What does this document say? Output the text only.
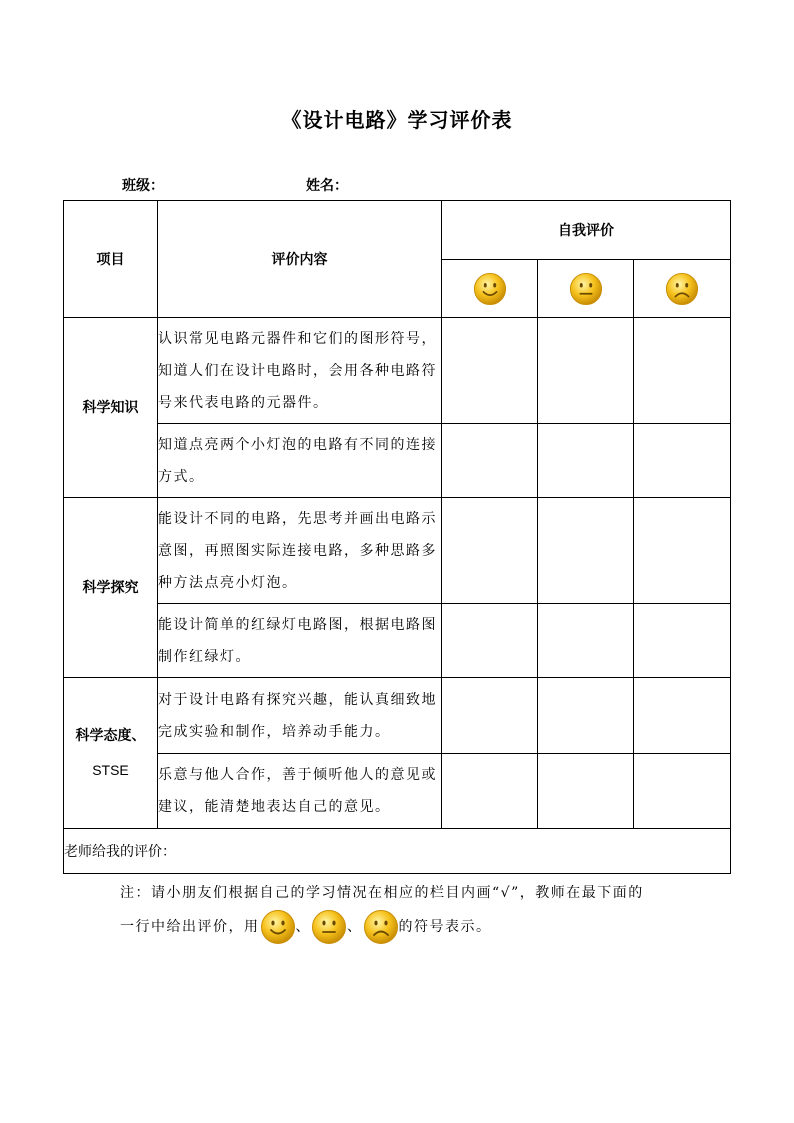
《设计电路》学习评价表
班级：	姓名：
项目	评价内容	自我评价		

科学知识	认识常见电路元器件和它们的图形符号，知道人们在设计电路时，会用各种电路符号来代表电路的元器件。			
	知道点亮两个小灯泡的电路有不同的连接方式。			
科学探究	能设计不同的电路，先思考并画出电路示意图，再照图实际连接电路，多种思路多种方法点亮小灯泡。			
	能设计简单的红绿灯电路图，根据电路图制作红绿灯。			

科学态度、
STSE	对于设计电路有探究兴趣，能认真细致地完成实验和制作，培养动手能力。			
	乐意与他人合作，善于倾听他人的意见或建议，能清楚地表达自己的意见。			
老师给我的评价：				
注：请小朋友们根据自己的学习情况在相应的栏目内画“√”，教师在最下面的
一行中给出评价，用	、	、	的符号表示。
